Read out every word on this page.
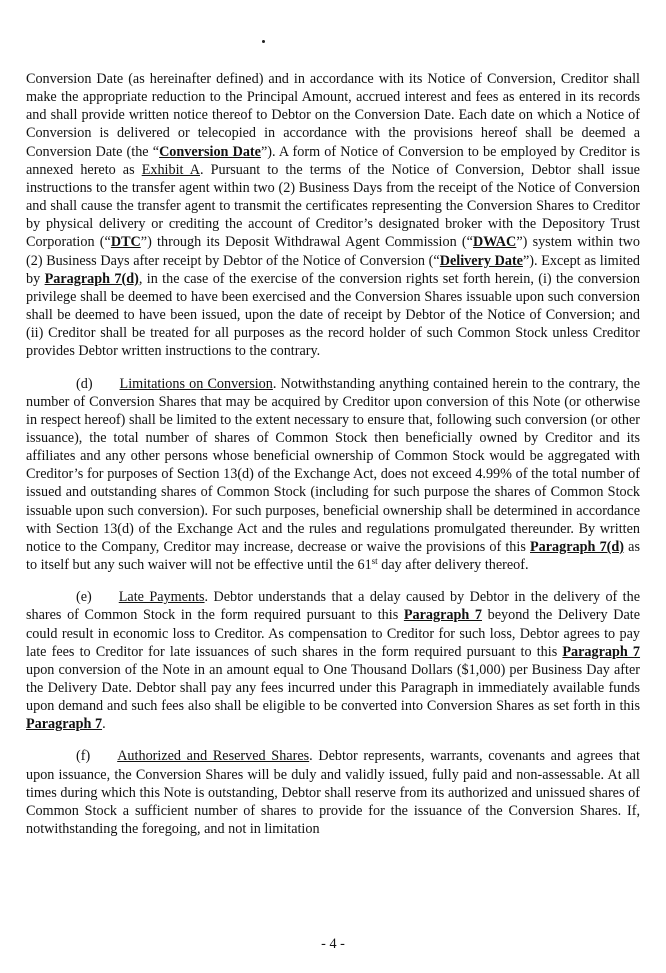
Conversion Date (as hereinafter defined) and in accordance with its Notice of Conversion, Creditor shall make the appropriate reduction to the Principal Amount, accrued interest and fees as entered in its records and shall provide written notice thereof to Debtor on the Conversion Date. Each date on which a Notice of Conversion is delivered or telecopied in accordance with the provisions hereof shall be deemed a Conversion Date (the “Conversion Date”). A form of Notice of Conversion to be employed by Creditor is annexed hereto as Exhibit A. Pursuant to the terms of the Notice of Conversion, Debtor shall issue instructions to the transfer agent within two (2) Business Days from the receipt of the Notice of Conversion and shall cause the transfer agent to transmit the certificates representing the Conversion Shares to Creditor by physical delivery or crediting the account of Creditor’s designated broker with the Depository Trust Corporation (“DTC”) through its Deposit Withdrawal Agent Commission (“DWAC”) system within two (2) Business Days after receipt by Debtor of the Notice of Conversion (“Delivery Date”). Except as limited by Paragraph 7(d), in the case of the exercise of the conversion rights set forth herein, (i) the conversion privilege shall be deemed to have been exercised and the Conversion Shares issuable upon such conversion shall be deemed to have been issued, upon the date of receipt by Debtor of the Notice of Conversion; and (ii) Creditor shall be treated for all purposes as the record holder of such Common Stock unless Creditor provides Debtor written instructions to the contrary.

(d) Limitations on Conversion. Notwithstanding anything contained herein to the contrary, the number of Conversion Shares that may be acquired by Creditor upon conversion of this Note (or otherwise in respect hereof) shall be limited to the extent necessary to ensure that, following such conversion (or other issuance), the total number of shares of Common Stock then beneficially owned by Creditor and its affiliates and any other persons whose beneficial ownership of Common Stock would be aggregated with Creditor’s for purposes of Section 13(d) of the Exchange Act, does not exceed 4.99% of the total number of issued and outstanding shares of Common Stock (including for such purpose the shares of Common Stock issuable upon such conversion). For such purposes, beneficial ownership shall be determined in accordance with Section 13(d) of the Exchange Act and the rules and regulations promulgated thereunder. By written notice to the Company, Creditor may increase, decrease or waive the provisions of this Paragraph 7(d) as to itself but any such waiver will not be effective until the 61st day after delivery thereof.

(e) Late Payments. Debtor understands that a delay caused by Debtor in the delivery of the shares of Common Stock in the form required pursuant to this Paragraph 7 beyond the Delivery Date could result in economic loss to Creditor. As compensation to Creditor for such loss, Debtor agrees to pay late fees to Creditor for late issuances of such shares in the form required pursuant to this Paragraph 7 upon conversion of the Note in an amount equal to One Thousand Dollars ($1,000) per Business Day after the Delivery Date. Debtor shall pay any fees incurred under this Paragraph in immediately available funds upon demand and such fees also shall be eligible to be converted into Conversion Shares as set forth in this Paragraph 7.

(f) Authorized and Reserved Shares. Debtor represents, warrants, covenants and agrees that upon issuance, the Conversion Shares will be duly and validly issued, fully paid and non-assessable. At all times during which this Note is outstanding, Debtor shall reserve from its authorized and unissued shares of Common Stock a sufficient number of shares to provide for the issuance of the Conversion Shares. If, notwithstanding the foregoing, and not in limitation

- 4 -
